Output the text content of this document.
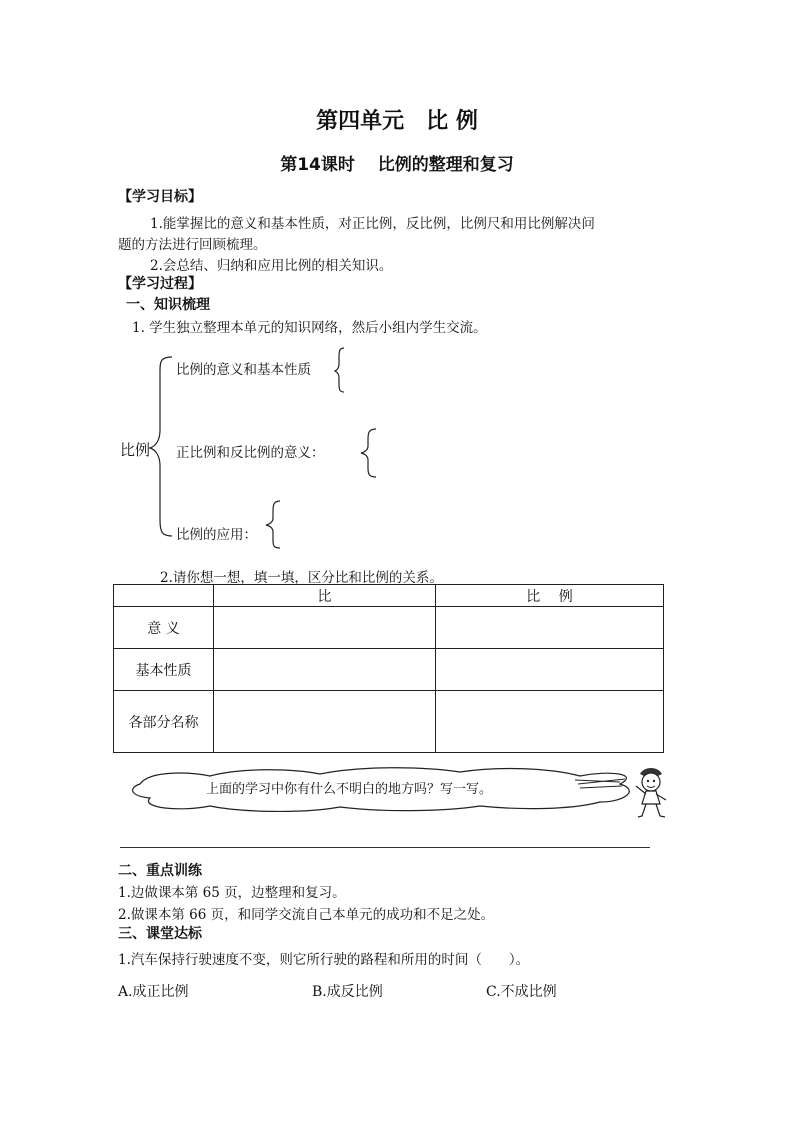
第四单元　比 例
第14课时　 比例的整理和复习
【学习目标】
1.能掌握比的意义和基本性质，对正比例，反比例，比例尺和用比例解决问
题的方法进行回顾梳理。
2.会总结、归纳和应用比例的相关知识。
【学习过程】
一、知识梳理
1. 学生独立整理本单元的知识网络，然后小组内学生交流。
比例
比例的意义和基本性质
正比例和反比例的意义：
比例的应用：
2.请你想一想，填一填，区分比和比例的关系。
	比	比　 例
意 义		
基本性质		
各部分名称		
上面的学习中你有什么不明白的地方吗？写一写。
二、重点训练
1.边做课本第 65 页，边整理和复习。
2.做课本第 66 页，和同学交流自己本单元的成功和不足之处。
三、课堂达标
1.汽车保持行驶速度不变，则它所行驶的路程和所用的时间（　　）。
A.成正比例	B.成反比例	C.不成比例
